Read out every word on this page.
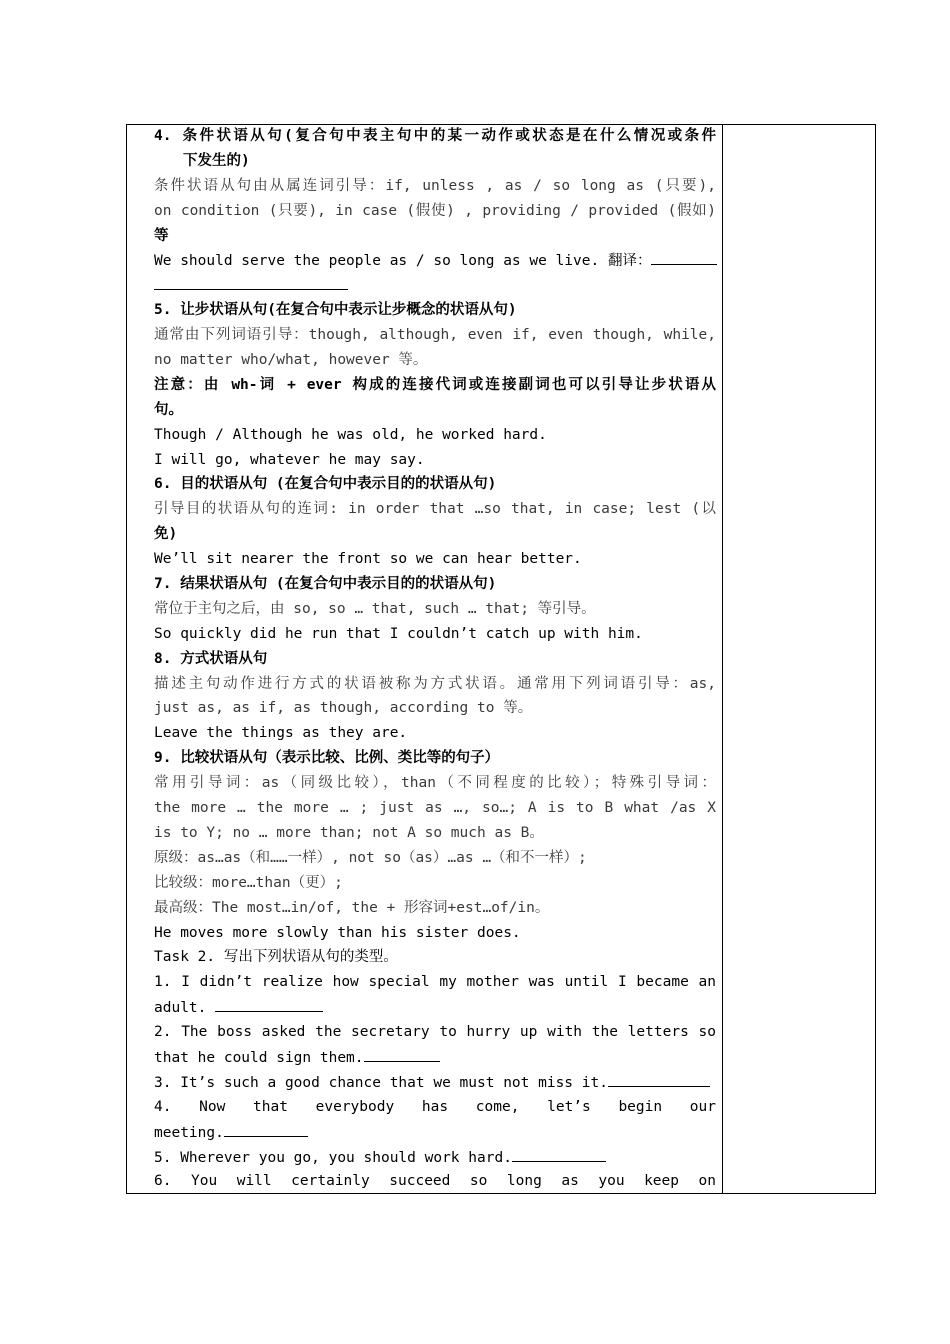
4. 条件状语从句(复合句中表主句中的某一动作或状态是在什么情况或条件
下发生的)
条件状语从句由从属连词引导：if, unless , as / so long as (只要),
on condition (只要), in case (假使) , providing / provided (假如)
等
We should serve the people as / so long as we live. 翻译：
5. 让步状语从句(在复合句中表示让步概念的状语从句)
通常由下列词语引导：though, although, even if, even though, while,
no matter who/what, however 等。
注意：由 wh-词 + ever 构成的连接代词或连接副词也可以引导让步状语从
句。
Though / Although he was old, he worked hard.
I will go, whatever he may say.
6. 目的状语从句 (在复合句中表示目的的状语从句)
引导目的状语从句的连词: in order that …so that, in case; lest (以
免)
We’ll sit nearer the front so we can hear better.
7. 结果状语从句 (在复合句中表示目的的状语从句)
常位于主句之后，由 so, so … that, such … that; 等引导。
So quickly did he run that I couldn’t catch up with him.
8. 方式状语从句
描述主句动作进行方式的状语被称为方式状语。通常用下列词语引导：as,
just as, as if, as though, according to 等。
Leave the things as they are.
9. 比较状语从句（表示比较、比例、类比等的句子）
常用引导词：as（同级比较），than（不同程度的比较）；特殊引导词：
the more … the more … ; just as …, so…; A is to B what /as X
is to Y; no … more than; not A so much as B。
原级：as…as（和……一样）, not so（as）…as …（和不一样）;
比较级：more…than（更）;
最高级：The most…in/of, the + 形容词+est…of/in。
He moves more slowly than his sister does.
Task 2. 写出下列状语从句的类型。
1. I didn’t realize how special my mother was until I became an
adult.
2. The boss asked the secretary to hurry up with the letters so
that he could sign them.
3. It’s such a good chance that we must not miss it.
4. Now that everybody has come, let’s begin our
meeting.
5. Wherever you go, you should work hard.
6. You will certainly succeed so long as you keep on
